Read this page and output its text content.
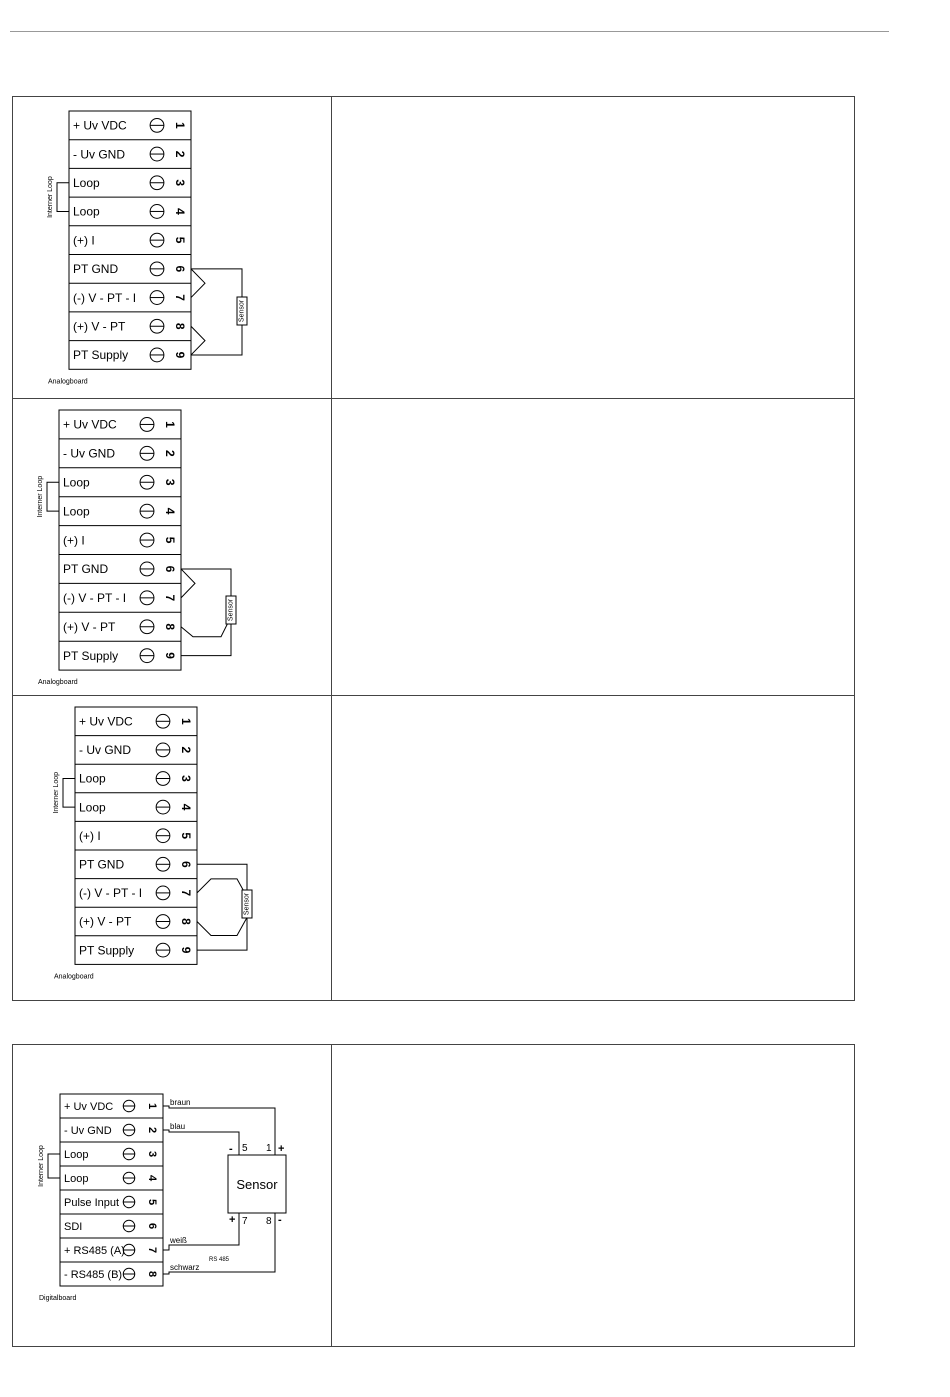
+ Uv VDC	1
- Uv GND	2
Loop	3
Loop	4
(+) I	5
PT GND	6
(-) V - PT - I	7
(+) V - PT	8
PT Supply	9
Interner Loop
Analogboard
Sensor
+ Uv VDC	1
- Uv GND	2
Loop	3
Loop	4
(+) I	5
PT GND	6
(-) V - PT - I	7
(+) V - PT	8
PT Supply	9
Interner Loop
Analogboard
Sensor
+ Uv VDC	1
- Uv GND	2
Loop	3
Loop	4
(+) I	5
PT GND	6
(-) V - PT - I	7
(+) V - PT	8
PT Supply	9
Interner Loop
Analogboard
Sensor
+ Uv VDC	1
- Uv GND	2
Loop	3
Loop	4
Pulse Input 5
SDI	6
+ RS485 (A) 7
- RS485 (B) 8
Interner Loop
Digitalboard
Sensor
braun
blau
weiß
schwarz
RS 485
5 1
7 8
-	+
+	-
